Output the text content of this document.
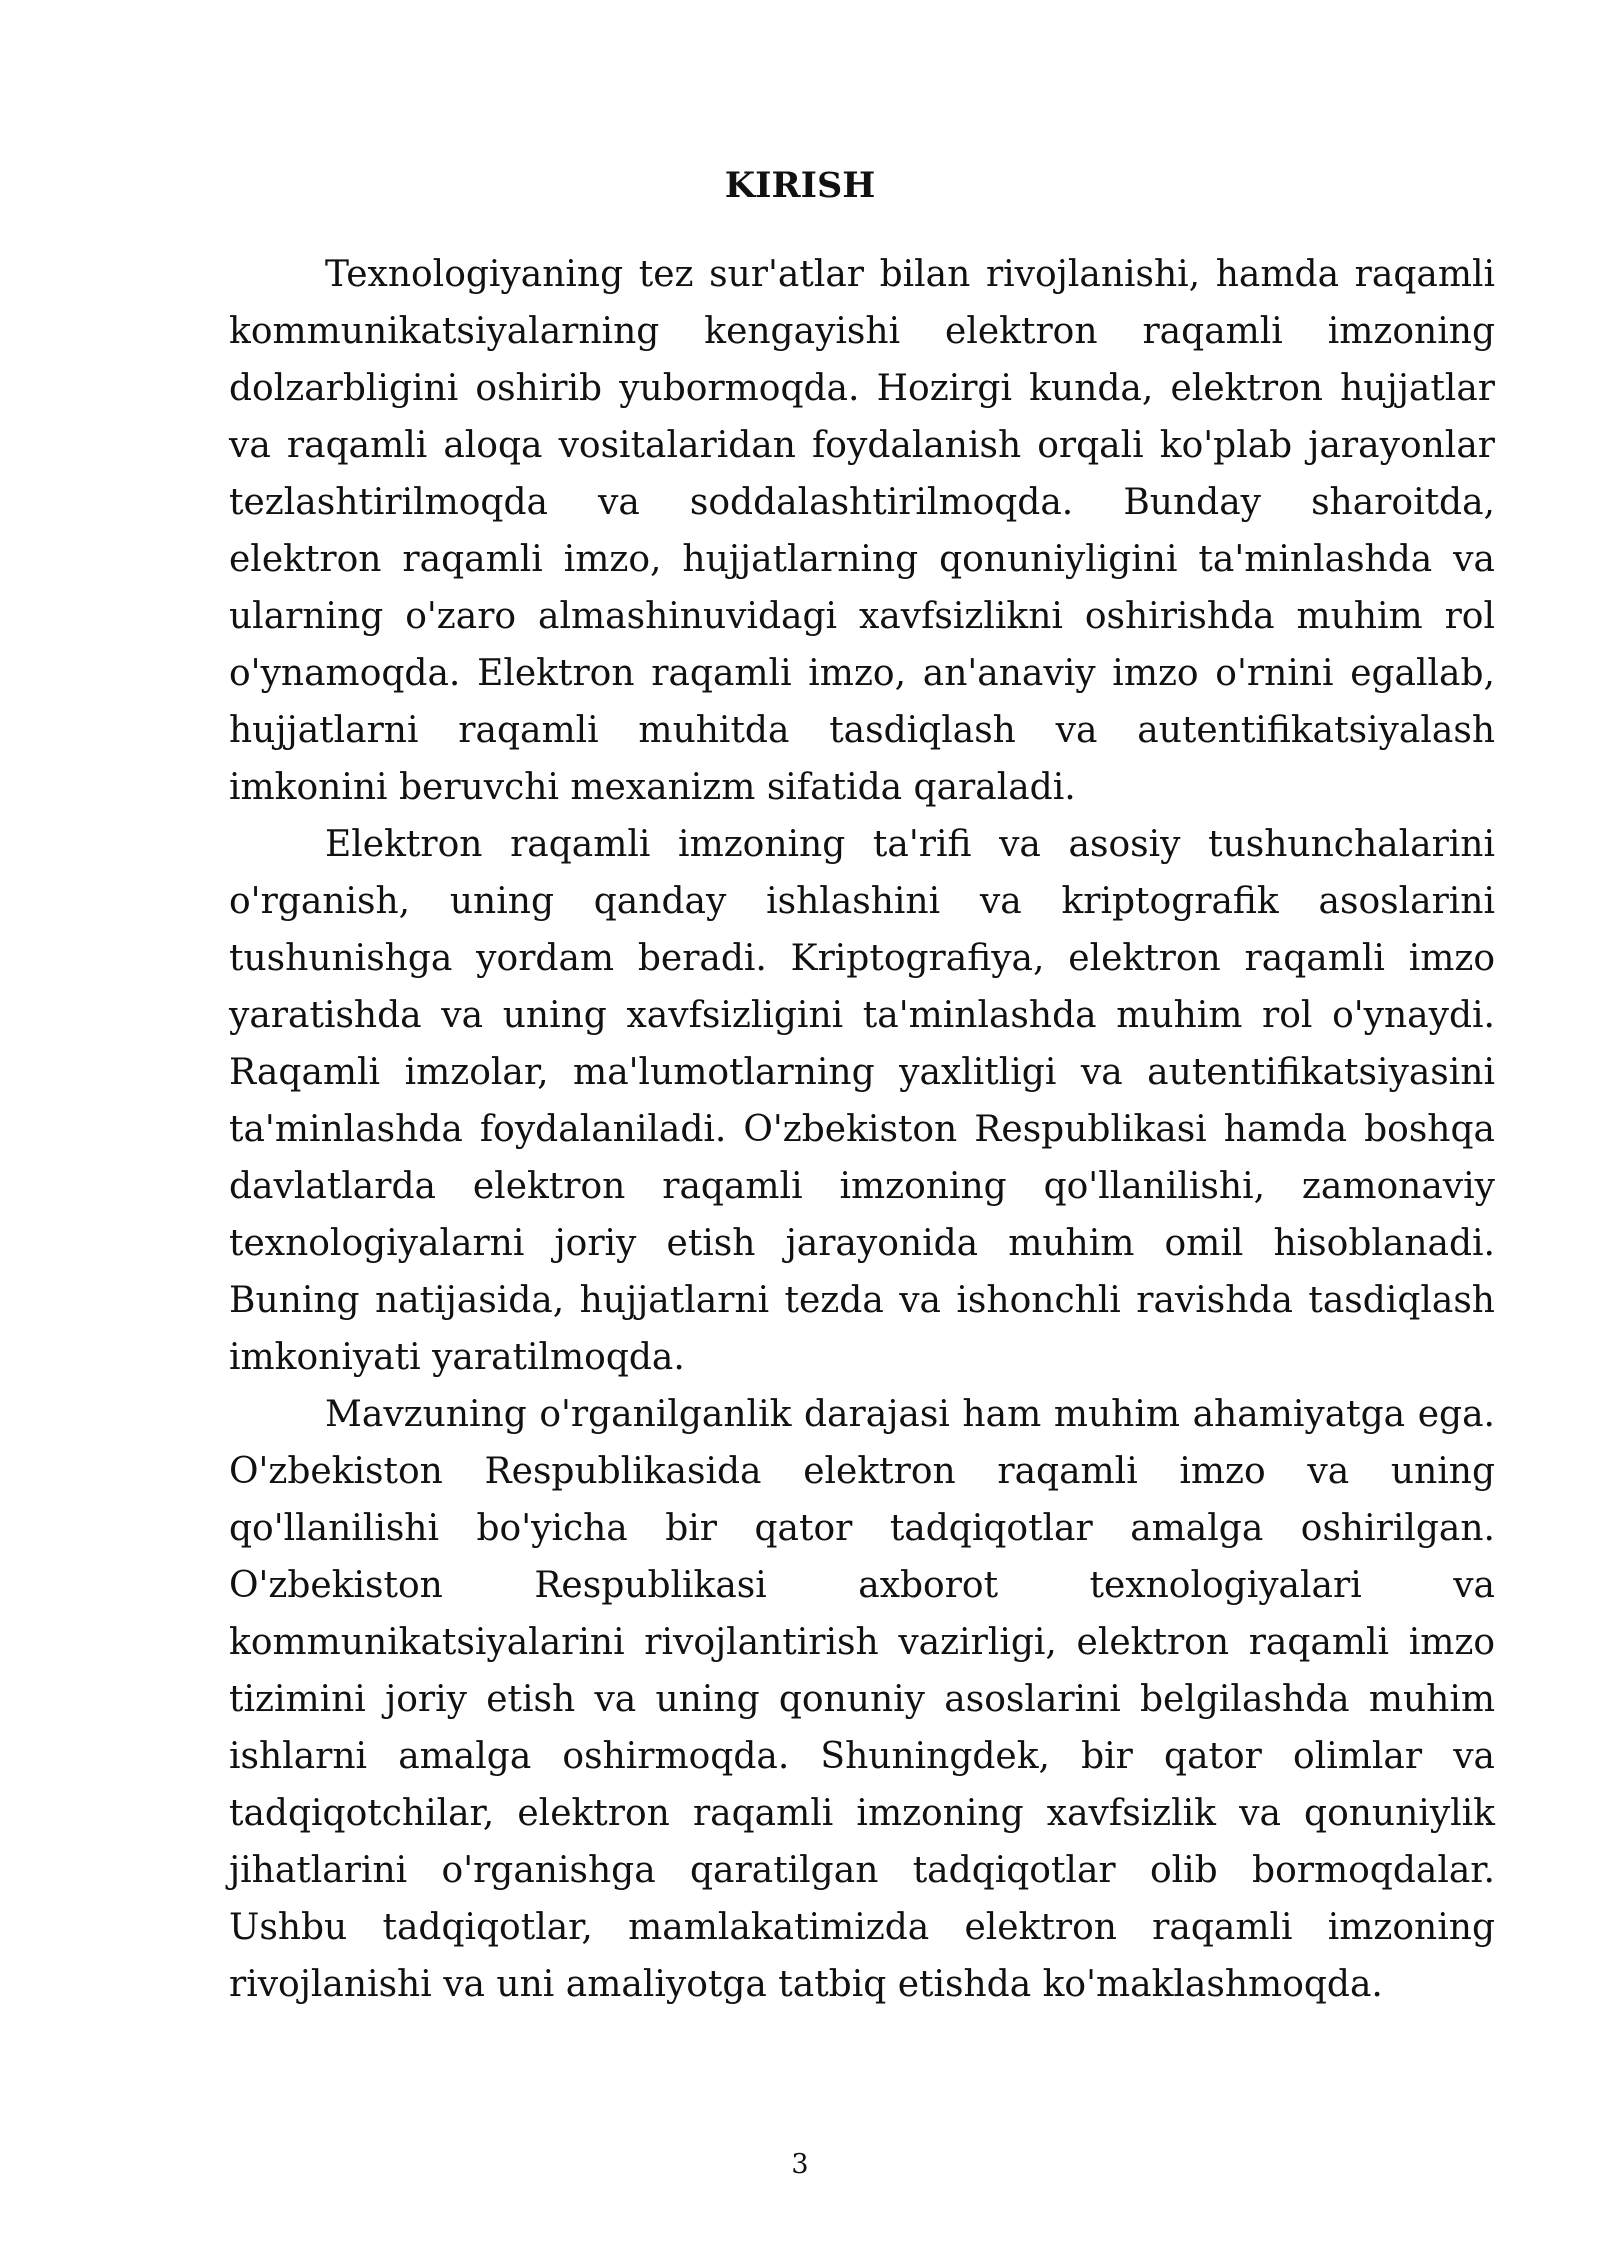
KIRISH

Texnologiyaning tez sur'atlar bilan rivojlanishi, hamda raqamli kommunikatsiyalarning kengayishi elektron raqamli imzoning dolzarbligini oshirib yubormoqda. Hozirgi kunda, elektron hujjatlar va raqamli aloqa vositalaridan foydalanish orqali ko'plab jarayonlar tezlashtirilmoqda va soddalashtirilmoqda. Bunday sharoitda, elektron raqamli imzo, hujjatlarning qonuniyligini ta'minlashda va ularning o'zaro almashinuvidagi xavfsizlikni oshirishda muhim rol o'ynamoqda. Elektron raqamli imzo, an'anaviy imzo o'rnini egallab, hujjatlarni raqamli muhitda tasdiqlash va autentifikatsiyalash imkonini beruvchi mexanizm sifatida qaraladi.

Elektron raqamli imzoning ta'rifi va asosiy tushunchalarini o'rganish, uning qanday ishlashini va kriptografik asoslarini tushunishga yordam beradi. Kriptografiya, elektron raqamli imzo yaratishda va uning xavfsizligini ta'minlashda muhim rol o'ynaydi. Raqamli imzolar, ma'lumotlarning yaxlitligi va autentifikatsiyasini ta'minlashda foydalaniladi. O'zbekiston Respublikasi hamda boshqa davlatlarda elektron raqamli imzoning qo'llanilishi, zamonaviy texnologiyalarni joriy etish jarayonida muhim omil hisoblanadi. Buning natijasida, hujjatlarni tezda va ishonchli ravishda tasdiqlash imkoniyati yaratilmoqda.

Mavzuning o'rganilganlik darajasi ham muhim ahamiyatga ega. O'zbekiston Respublikasida elektron raqamli imzo va uning qo'llanilishi bo'yicha bir qator tadqiqotlar amalga oshirilgan. O'zbekiston Respublikasi axborot texnologiyalari va kommunikatsiyalarini rivojlantirish vazirligi, elektron raqamli imzo tizimini joriy etish va uning qonuniy asoslarini belgilashda muhim ishlarni amalga oshirmoqda. Shuningdek, bir qator olimlar va tadqiqotchilar, elektron raqamli imzoning xavfsizlik va qonuniylik jihatlarini o'rganishga qaratilgan tadqiqotlar olib bormoqdalar. Ushbu tadqiqotlar, mamlakatimizda elektron raqamli imzoning rivojlanishi va uni amaliyotga tatbiq etishda ko'maklashmoqda.

3
